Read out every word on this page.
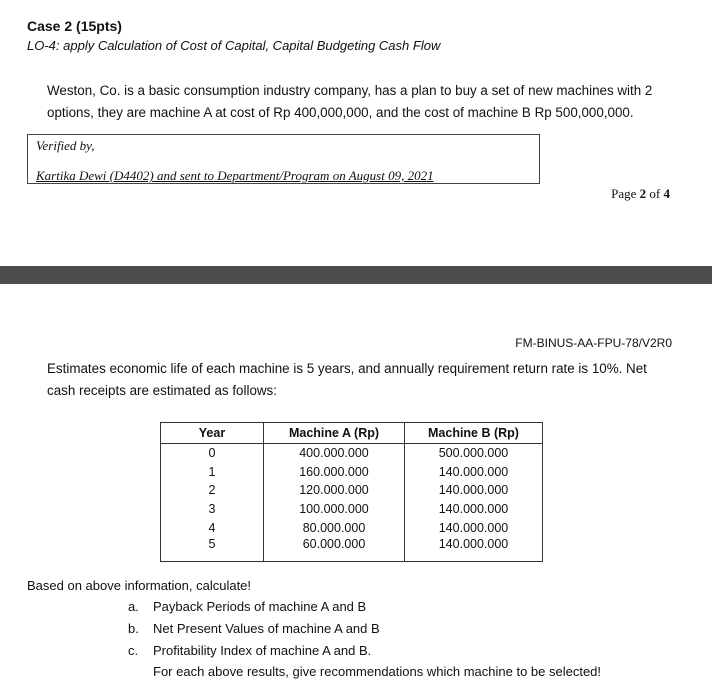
Case 2 (15pts)
LO-4: apply Calculation of Cost of Capital, Capital Budgeting Cash Flow
Weston, Co. is a basic consumption industry company, has a plan to buy a set of new machines with 2 options, they are machine A at cost of Rp 400,000,000, and the cost of machine B Rp 500,000,000.
Verified by,
Kartika Dewi (D4402) and sent to Department/Program on August 09, 2021
Page 2 of 4
FM-BINUS-AA-FPU-78/V2R0
Estimates economic life of each machine is 5 years, and annually requirement return rate is 10%. Net cash receipts are estimated as follows:
Year	Machine A (Rp)	Machine B (Rp)
0	400.000.000	500.000.000
1	160.000.000	140.000.000
2	120.000.000	140.000.000
3	100.000.000	140.000.000
4	80.000.000	140.000.000
5	60.000.000	140.000.000
Based on above information, calculate!
a. Payback Periods of machine A and B
b. Net Present Values of machine A and B
c. Profitability Index of machine A and B.
For each above results, give recommendations which machine to be selected!
